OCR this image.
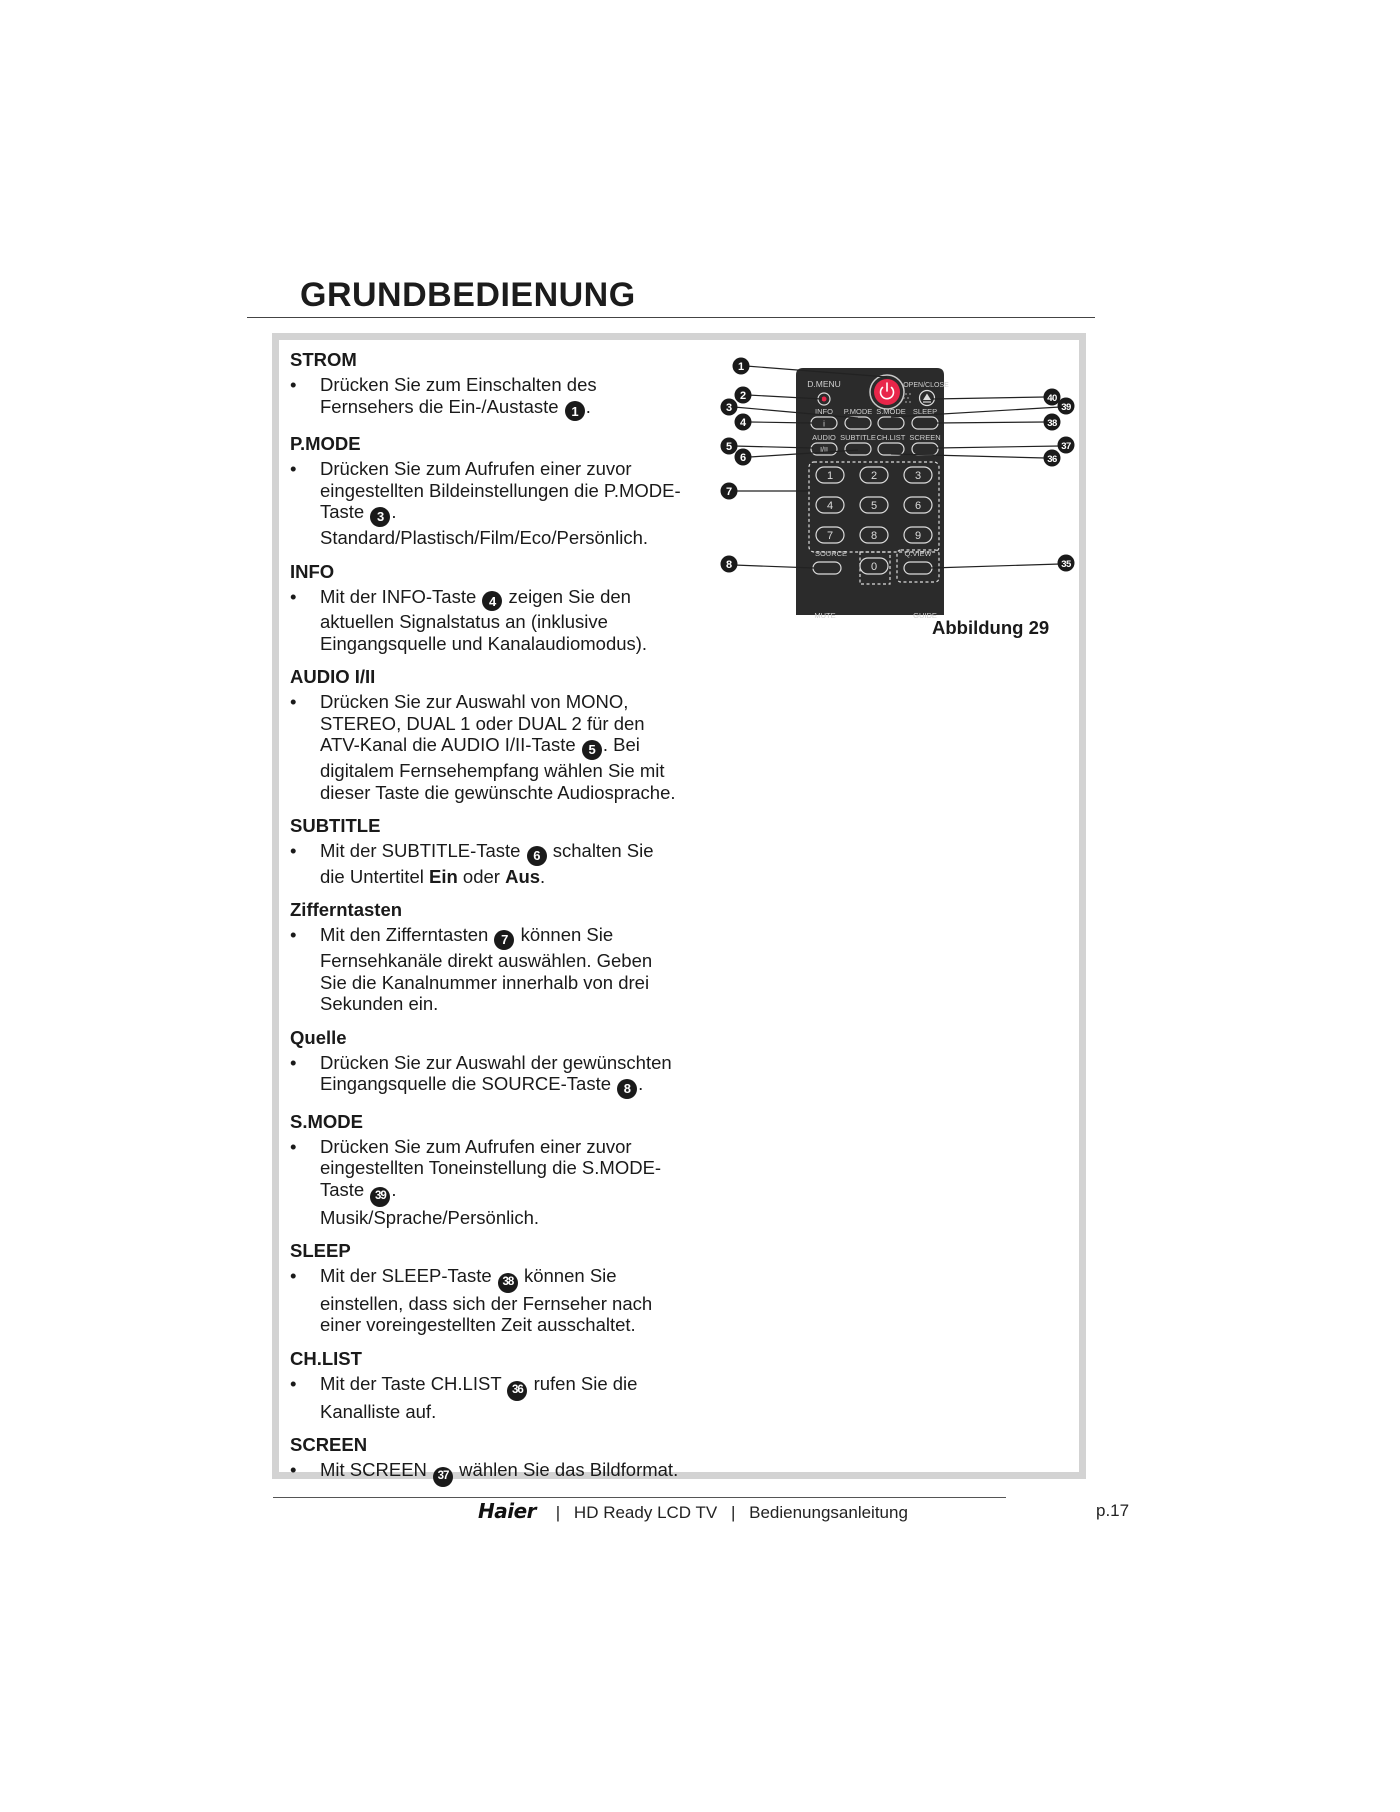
GRUNDBEDIENUNG
STROM
• Drücken Sie zum Einschalten des
Fernsehers die Ein-/Austaste 1 .
P.MODE
• Drücken Sie zum Aufrufen einer zuvor
eingestellten Bildeinstellungen die P.MODE-
Taste 3 .
Standard/Plastisch/Film/Eco/Persönlich.
INFO
• Mit der INFO-Taste 4 zeigen Sie den
aktuellen Signalstatus an (inklusive
Eingangsquelle und Kanalaudiomodus).
AUDIO I/II
• Drücken Sie zur Auswahl von MONO,
STEREO, DUAL 1 oder DUAL 2 für den
ATV-Kanal die AUDIO I/II-Taste 5 . Bei
digitalem Fernsehempfang wählen Sie mit
dieser Taste die gewünschte Audiosprache.
SUBTITLE
• Mit der SUBTITLE-Taste 6 schalten Sie
die Untertitel Ein oder Aus.
Zifferntasten
• Mit den Zifferntasten 7 können Sie
Fernsehkanäle direkt auswählen. Geben
Sie die Kanalnummer innerhalb von drei
Sekunden ein.
Quelle
• Drücken Sie zur Auswahl der gewünschten
Eingangsquelle die SOURCE-Taste 8 .
S.MODE
• Drücken Sie zum Aufrufen einer zuvor
eingestellten Toneinstellung die S.MODE-
Taste 39 .
Musik/Sprache/Persönlich.
SLEEP
• Mit der SLEEP-Taste 38 können Sie
einstellen, dass sich der Fernseher nach
einer voreingestellten Zeit ausschaltet.
CH.LIST
• Mit der Taste CH.LIST 36 rufen Sie die
Kanalliste auf.
SCREEN
• Mit SCREEN 37 wählen Sie das Bildformat.
D.MENU	OPEN/CLOSE
INFO P.MODE S.MODE SLEEP
i
AUDIO SUBTITLE CH.LIST SCREEN
I/II
1	2	3
4	5	6
7	8	9
0
SOURCE	Q.VIEW
MUTE	GUIDE
1
2
3
4
5
6
7
8
40
39
38
37
36
35
Abbildung 29
Haier | HD Ready LCD TV | Bedienungsanleitung	p.17
